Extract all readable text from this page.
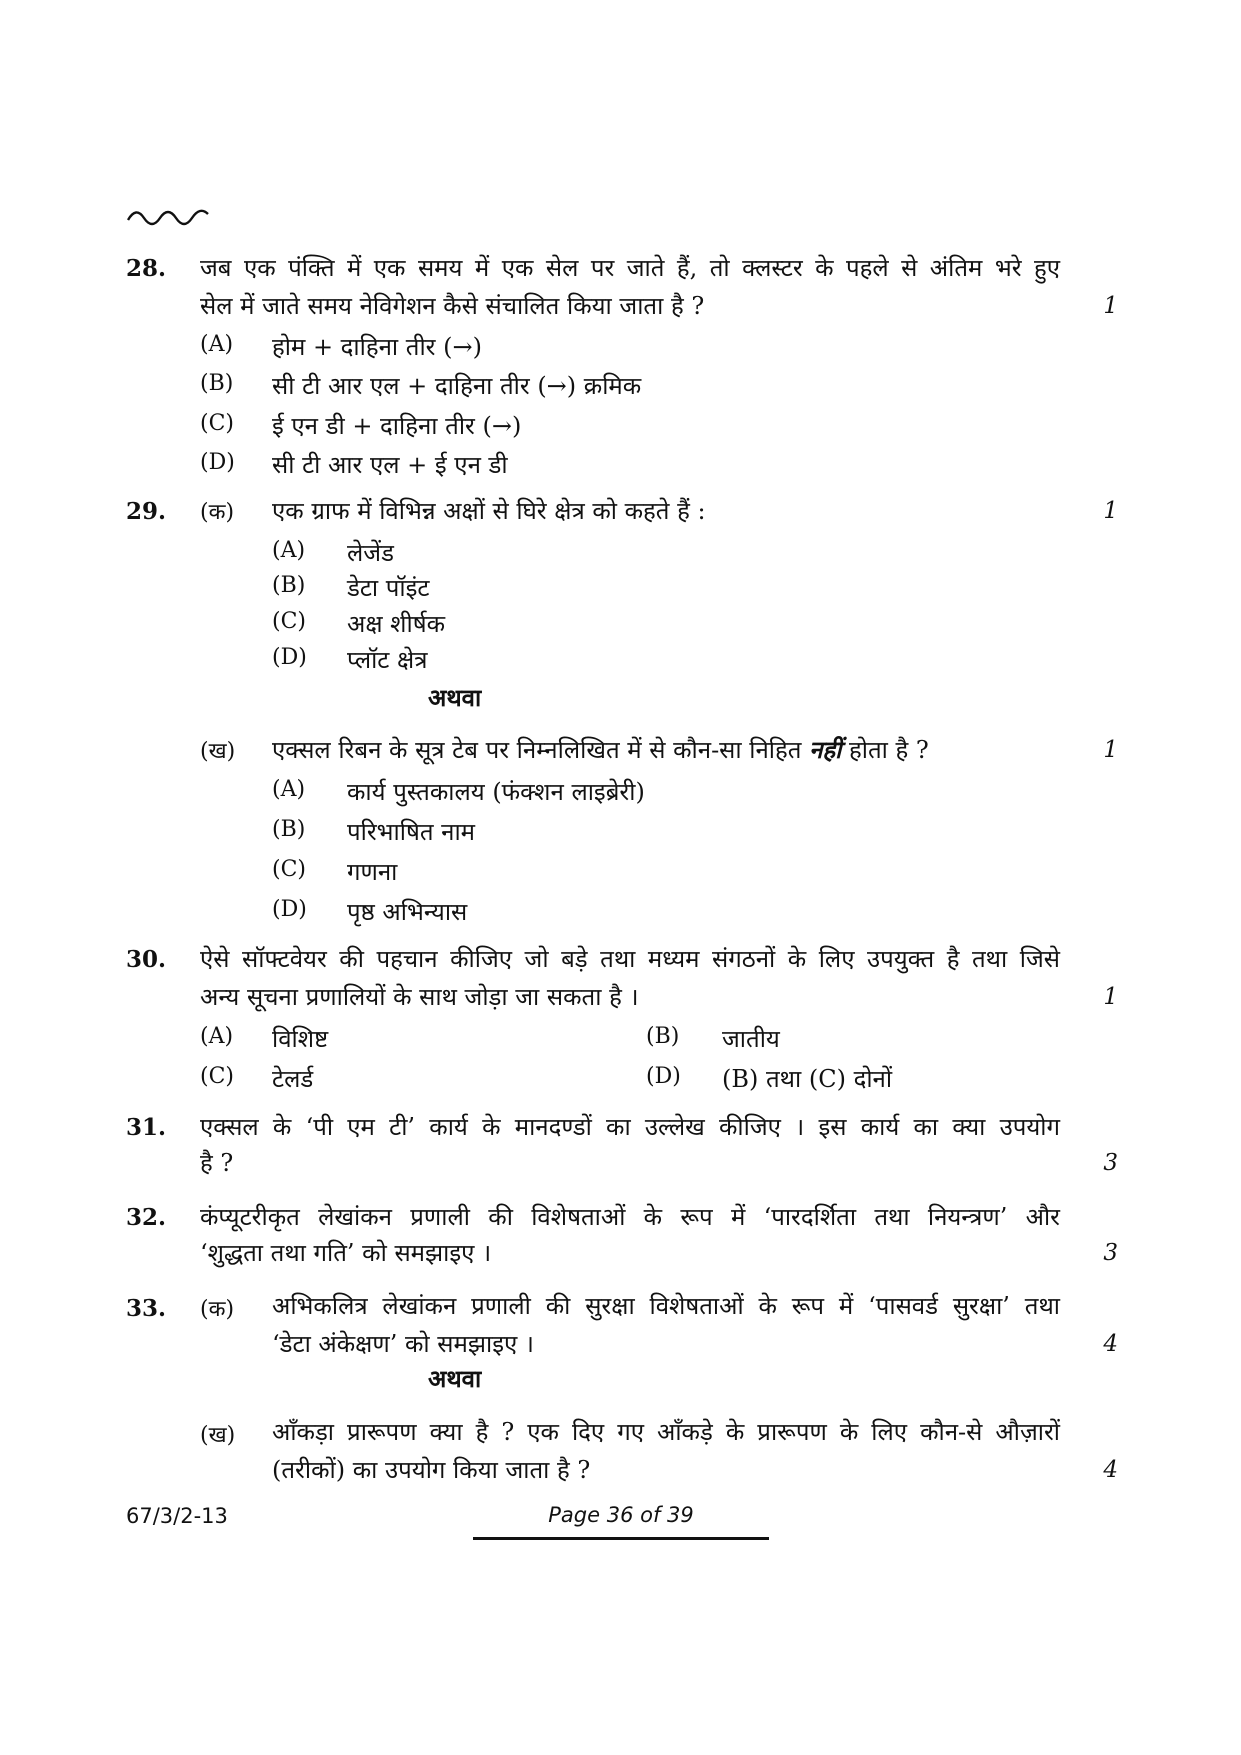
28. जब एक पंक्ति में एक समय में एक सेल पर जाते हैं, तो क्लस्टर के पहले से अंतिम भरे हुए
सेल में जाते समय नेविगेशन कैसे संचालित किया जाता है ?	1
(A) होम + दाहिना तीर (→)
(B) सी टी आर एल + दाहिना तीर (→) क्रमिक
(C) ई एन डी + दाहिना तीर (→)
(D) सी टी आर एल + ई एन डी
29. (क) एक ग्राफ में विभिन्न अक्षों से घिरे क्षेत्र को कहते हैं :	1
(A) लेजेंड
(B) डेटा पॉइंट
(C) अक्ष शीर्षक
(D) प्लॉट क्षेत्र
अथवा
(ख) एक्सल रिबन के सूत्र टेब पर निम्नलिखित में से कौन-सा निहित नहीं होता है ?	1
(A) कार्य पुस्तकालय (फंक्शन लाइब्रेरी)
(B) परिभाषित नाम
(C) गणना
(D) पृष्ठ अभिन्यास
30. ऐसे सॉफ्टवेयर की पहचान कीजिए जो बड़े तथा मध्यम संगठनों के लिए उपयुक्त है तथा जिसे
अन्य सूचना प्रणालियों के साथ जोड़ा जा सकता है ।	1
(A) विशिष्ट	(B) जातीय
(C) टेलर्ड	(D) (B) तथा (C) दोनों
31. एक्सल के ‘पी एम टी’ कार्य के मानदण्डों का उल्लेख कीजिए । इस कार्य का क्या उपयोग
है ?	3
32. कंप्यूटरीकृत लेखांकन प्रणाली की विशेषताओं के रूप में ‘पारदर्शिता तथा नियन्त्रण’ और
‘शुद्धता तथा गति’ को समझाइए ।	3
33. (क) अभिकलित्र लेखांकन प्रणाली की सुरक्षा विशेषताओं के रूप में ‘पासवर्ड सुरक्षा’ तथा
‘डेटा अंकेक्षण’ को समझाइए ।	4
अथवा
(ख) आँकड़ा प्रारूपण क्या है ? एक दिए गए आँकड़े के प्रारूपण के लिए कौन-से औज़ारों
(तरीकों) का उपयोग किया जाता है ?	4
67/3/2-13	Page 36 of 39
